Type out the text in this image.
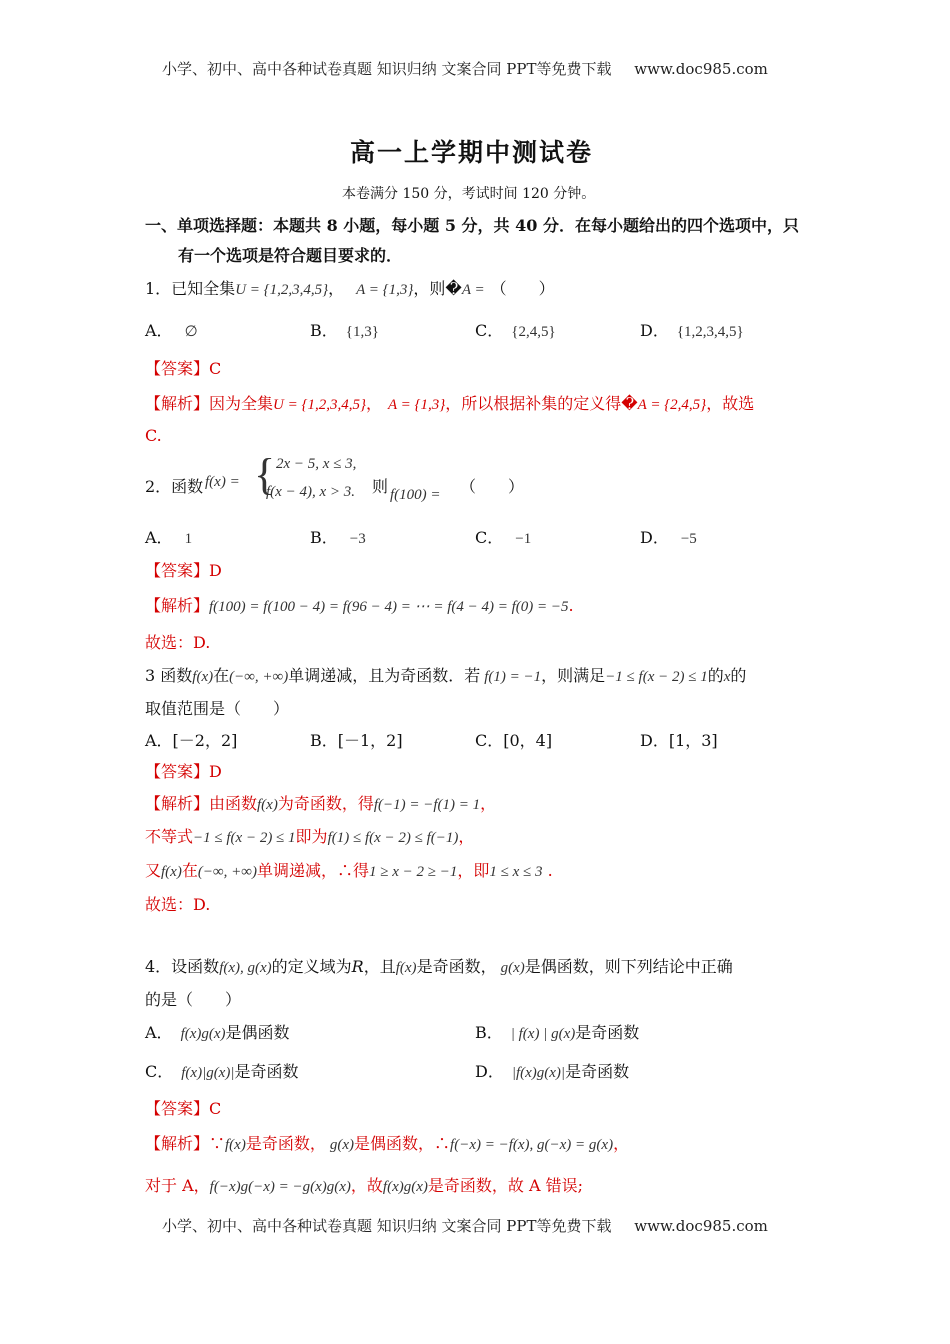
小学、初中、高中各种试卷真题 知识归纳 文案合同 PPT等免费下载 www.doc985.com
高一上学期中测试卷
本卷满分 150 分，考试时间 120 分钟。
一、单项选择题：本题共 8 小题，每小题 5 分，共 40 分．在每小题给出的四个选项中，只
有一个选项是符合题目要求的．
1．已知全集U = {1,2,3,4,5}， A = {1,3}，则�A = （　　）
A． ∅	B． {1,3}	C． {2,4,5}	D． {1,2,3,4,5}
【答案】C
【解析】因为全集U = {1,2,3,4,5}， A = {1,3}，所以根据补集的定义得�A = {2,4,5}，故选
C.
2．函数 f(x) = { 2x − 5, x ≤ 3,
f(x − 4), x > 3. 则 f(100) = （　　）
A． 1	B． −3	C． −1	D． −5
【答案】D
【解析】f(100) = f(100 − 4) = f(96 − 4) = ⋯ = f(4 − 4) = f(0) = −5.
故选：D.
3 函数f(x)在(−∞, +∞)单调递减，且为奇函数．若 f(1) = −1，则满足−1 ≤ f(x − 2) ≤ 1的x的
取值范围是（　　）
A．[－2，2]	B．[－1，2]	C．[0，4]	D．[1，3]
【答案】D
【解析】由函数f(x)为奇函数，得f(−1) = −f(1) = 1，
不等式−1 ≤ f(x − 2) ≤ 1即为f(1) ≤ f(x − 2) ≤ f(−1)，
又f(x)在(−∞, +∞)单调递减，∴得1 ≥ x − 2 ≥ −1，即1 ≤ x ≤ 3 .
故选：D.
4．设函数f(x), g(x)的定义域为R，且f(x)是奇函数， g(x)是偶函数，则下列结论中正确
的是（　　）
A． f(x)g(x)是偶函数	B． | f(x) | g(x)是奇函数
C． f(x)|g(x)|是奇函数	D． |f(x)g(x)|是奇函数
【答案】C
【解析】∵f(x)是奇函数， g(x)是偶函数，∴f(−x) = −f(x), g(−x) = g(x)，
对于 A，f(−x)g(−x) = −g(x)g(x)，故f(x)g(x)是奇函数，故 A 错误;
小学、初中、高中各种试卷真题 知识归纳 文案合同 PPT等免费下载 www.doc985.com
